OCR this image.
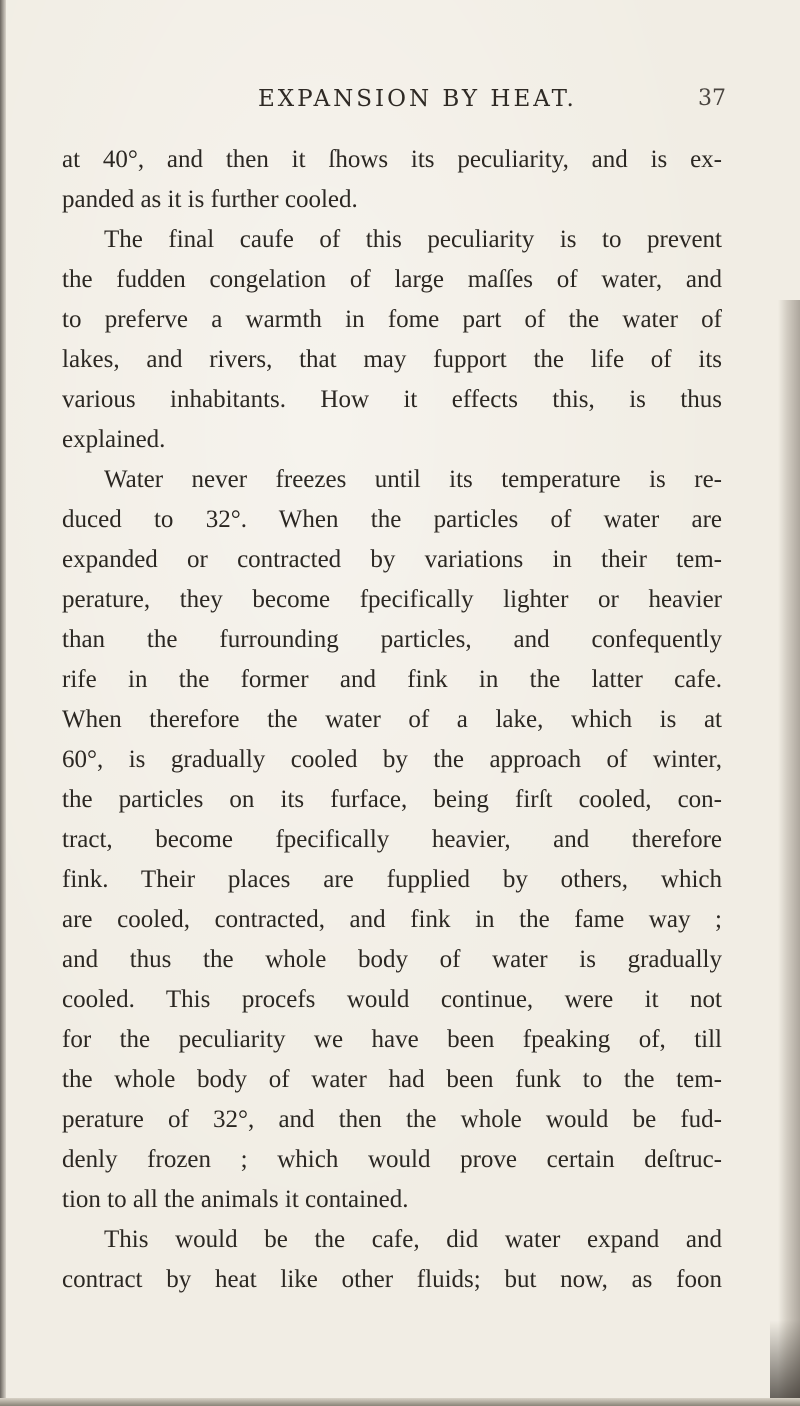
EXPANSION BY HEAT.	37
at 40°, and then it ſhows its peculiarity, and is ex-
panded as it is further cooled.
The final caufe of this peculiarity is to prevent
the fudden congelation of large maſſes of water, and
to preferve a warmth in fome part of the water of
lakes, and rivers, that may fupport the life of its
various inhabitants. How it effects this, is thus
explained.
Water never freezes until its temperature is re-
duced to 32°. When the particles of water are
expanded or contracted by variations in their tem-
perature, they become fpecifically lighter or heavier
than the furrounding particles, and confequently
rife in the former and fink in the latter cafe.
When therefore the water of a lake, which is at
60°, is gradually cooled by the approach of winter,
the particles on its furface, being firſt cooled, con-
tract, become fpecifically heavier, and therefore
fink. Their places are fupplied by others, which
are cooled, contracted, and fink in the fame way ;
and thus the whole body of water is gradually
cooled. This procefs would continue, were it not
for the peculiarity we have been fpeaking of, till
the whole body of water had been funk to the tem-
perature of 32°, and then the whole would be fud-
denly frozen ; which would prove certain deſtruc-
tion to all the animals it contained.
This would be the cafe, did water expand and
contract by heat like other fluids; but now, as foon
